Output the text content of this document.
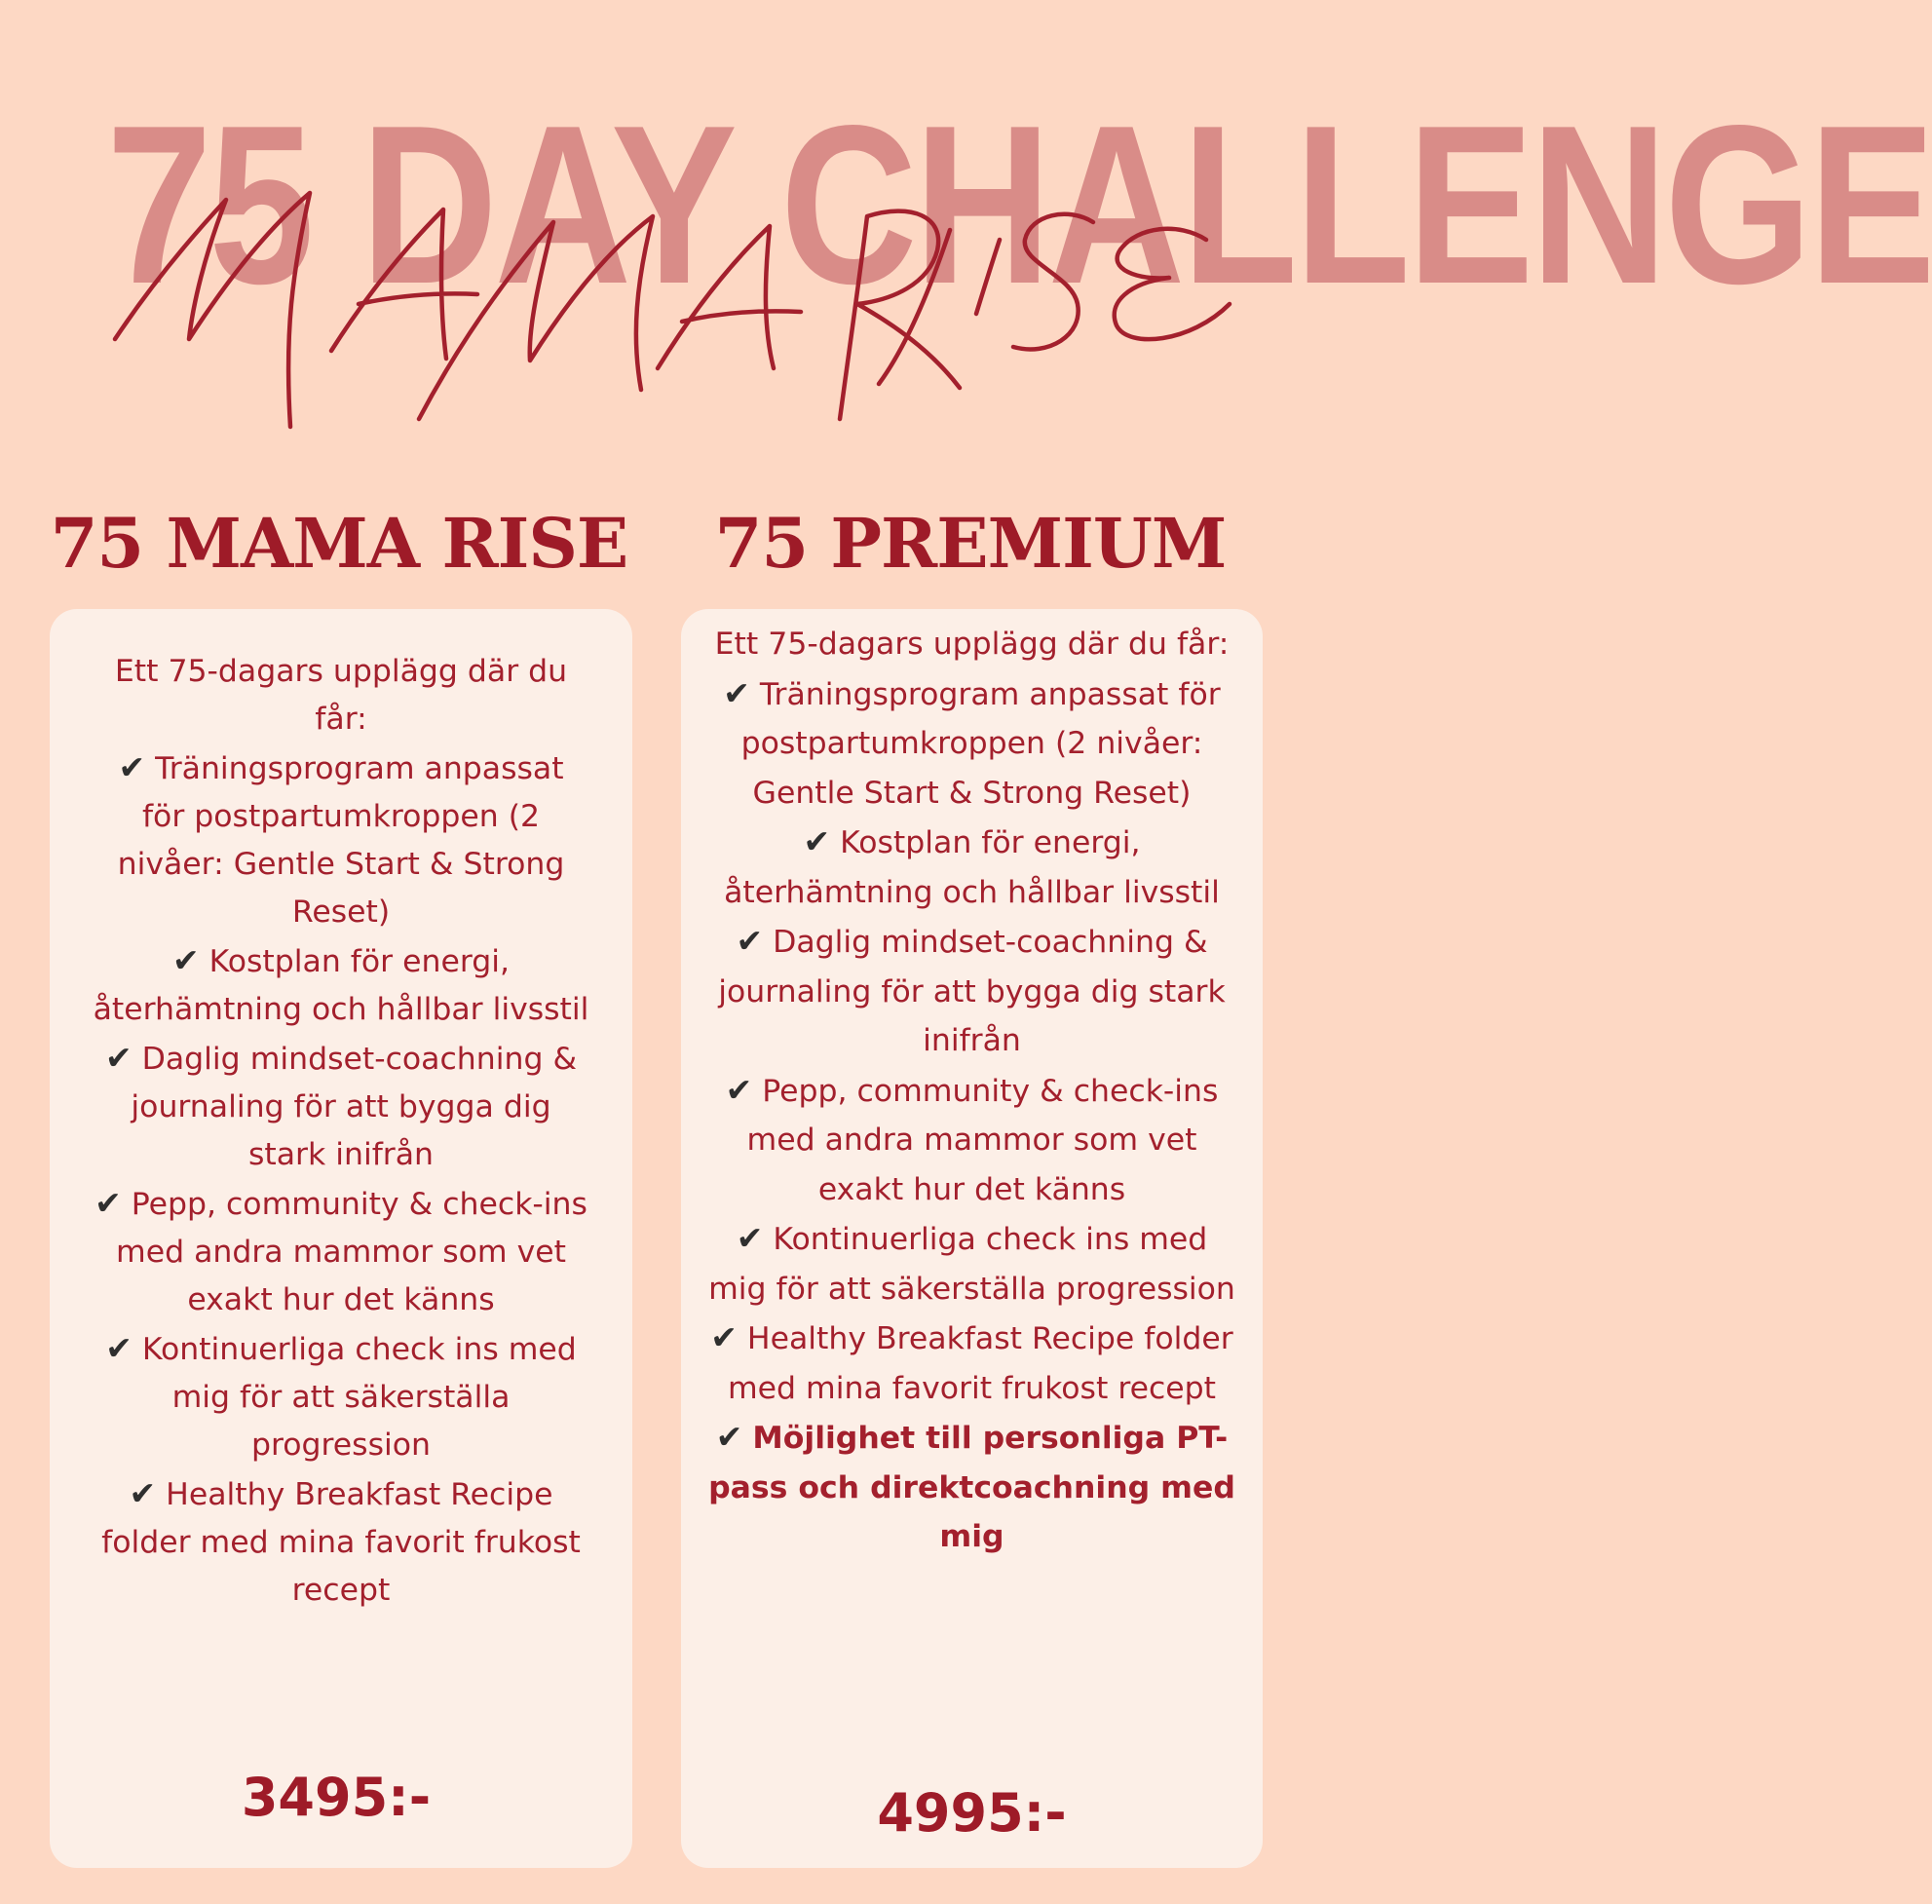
75 DAY CHALLENGE
75 MAMA RISE	75 PREMIUM

Ett 75-dagars upplägg där du får:

✔ Träningsprogram anpassat för postpartumkroppen (2 nivåer: Gentle Start & Strong Reset)

✔ Kostplan för energi, återhämtning och hållbar livsstil

✔ Daglig mindset-coachning & journaling för att bygga dig stark inifrån

✔ Pepp, community & check-ins med andra mammor som vet exakt hur det känns

✔ Kontinuerliga check ins med mig för att säkerställa progression

✔ Healthy Breakfast Recipe folder med mina favorit frukost recept

3495:-

Ett 75-dagars upplägg där du får:

✔ Träningsprogram anpassat för postpartumkroppen (2 nivåer: Gentle Start & Strong Reset)

✔ Kostplan för energi, återhämtning och hållbar livsstil

✔ Daglig mindset-coachning & journaling för att bygga dig stark inifrån

✔ Pepp, community & check-ins med andra mammor som vet exakt hur det känns

✔ Kontinuerliga check ins med mig för att säkerställa progression

✔ Healthy Breakfast Recipe folder med mina favorit frukost recept

✔ Möjlighet till personliga PT-pass och direktcoachning med mig

4995:-
